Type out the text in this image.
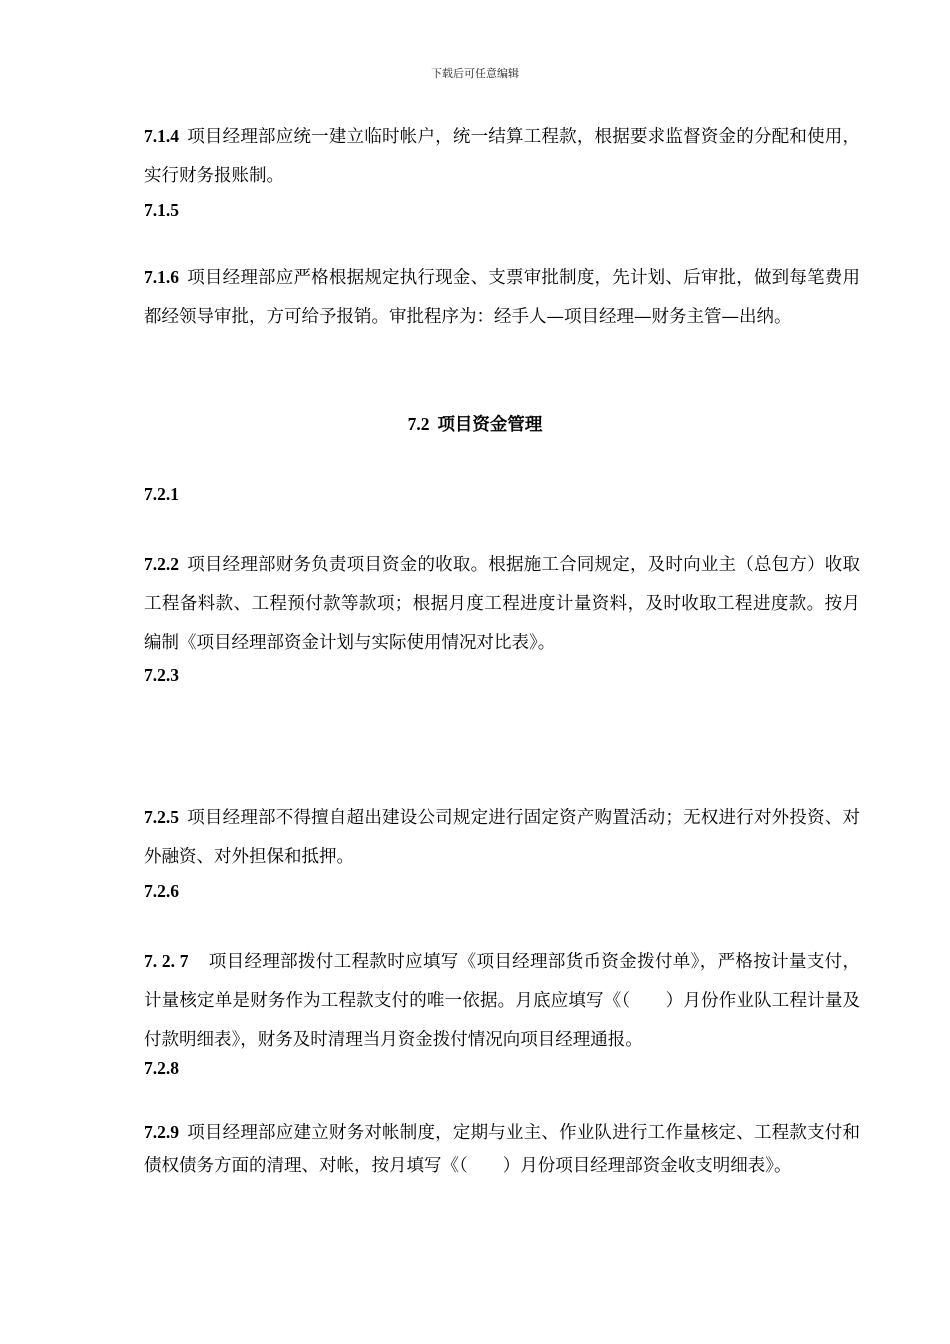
下载后可任意编辑
7.1.4 项目经理部应统一建立临时帐户，统一结算工程款，根据要求监督资金的分配和使用，实行财务报账制。
7.1.5
7.1.6 项目经理部应严格根据规定执行现金、支票审批制度，先计划、后审批，做到每笔费用都经领导审批，方可给予报销。审批程序为：经手人—项目经理—财务主管—出纳。
7.2 项目资金管理
7.2.1
7.2.2 项目经理部财务负责项目资金的收取。根据施工合同规定，及时向业主（总包方）收取工程备料款、工程预付款等款项；根据月度工程进度计量资料，及时收取工程进度款。按月编制《项目经理部资金计划与实际使用情况对比表》。
7.2.3
7.2.5 项目经理部不得擅自超出建设公司规定进行固定资产购置活动；无权进行对外投资、对外融资、对外担保和抵押。
7.2.6
7. 2. 7 项目经理部拨付工程款时应填写《项目经理部货币资金拨付单》，严格按计量支付，计量核定单是财务作为工程款支付的唯一依据。月底应填写《（　　）月份作业队工程计量及付款明细表》，财务及时清理当月资金拨付情况向项目经理通报。
7.2.8
7.2.9 项目经理部应建立财务对帐制度，定期与业主、作业队进行工作量核定、工程款支付和债权债务方面的清理、对帐，按月填写《（　　）月份项目经理部资金收支明细表》。
